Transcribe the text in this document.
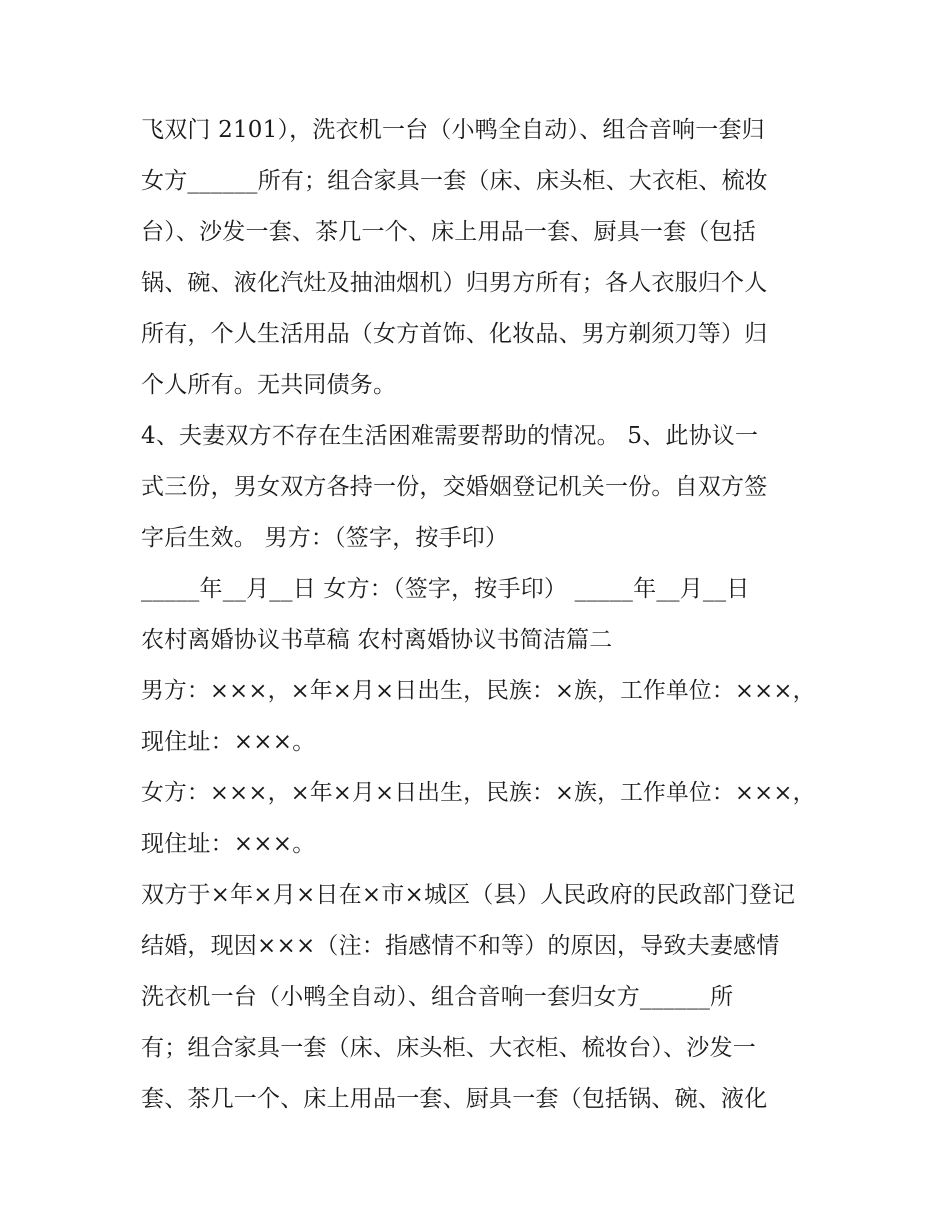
飞双门 2101），洗衣机一台（小鸭全自动）、组合音响一套归
女方______所有；组合家具一套（床、床头柜、大衣柜、梳妆
台）、沙发一套、茶几一个、床上用品一套、厨具一套（包括
锅、碗、液化汽灶及抽油烟机）归男方所有；各人衣服归个人
所有，个人生活用品（女方首饰、化妆品、男方剃须刀等）归
个人所有。无共同债务。
4、夫妻双方不存在生活困难需要帮助的情况。 5、此协议一
式三份，男女双方各持一份，交婚姻登记机关一份。自双方签
字后生效。 男方：（签字，按手印）
_____年__月__日 女方：（签字，按手印） _____年__月__日
农村离婚协议书草稿 农村离婚协议书简洁篇二
男方：×××，×年×月×日出生，民族：×族，工作单位：×××，
现住址：×××。
女方：×××，×年×月×日出生，民族：×族，工作单位：×××，
现住址：×××。
双方于×年×月×日在×市×城区（县）人民政府的民政部门登记
结婚，现因×××（注：指感情不和等）的原因，导致夫妻感情
洗衣机一台（小鸭全自动）、组合音响一套归女方______所
有；组合家具一套（床、床头柜、大衣柜、梳妆台）、沙发一
套、茶几一个、床上用品一套、厨具一套（包括锅、碗、液化
